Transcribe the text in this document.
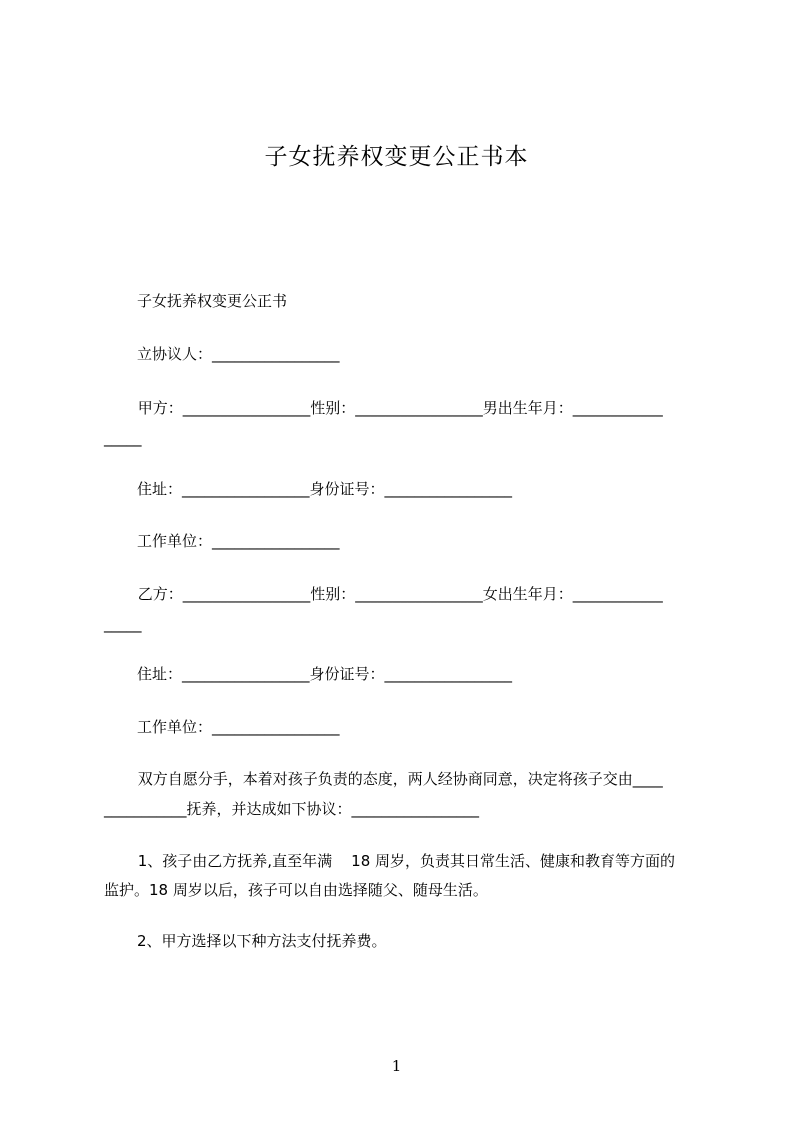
子女抚养权变更公正书本
子女抚养权变更公正书
立协议人：_________________
甲方：_________________性别：_________________男出生年月：____________
_____
住址：_________________身份证号：_________________
工作单位：_________________
乙方：_________________性别：_________________女出生年月：____________
_____
住址：_________________身份证号：_________________
工作单位：_________________
双方自愿分手，本着对孩子负责的态度，两人经协商同意，决定将孩子交由____
___________抚养，并达成如下协议：_________________
1、孩子由乙方抚养,直至年满    18 周岁，负责其日常生活、健康和教育等方面的
监护。18 周岁以后，孩子可以自由选择随父、随母生活。
2、甲方选择以下种方法支付抚养费。
1
